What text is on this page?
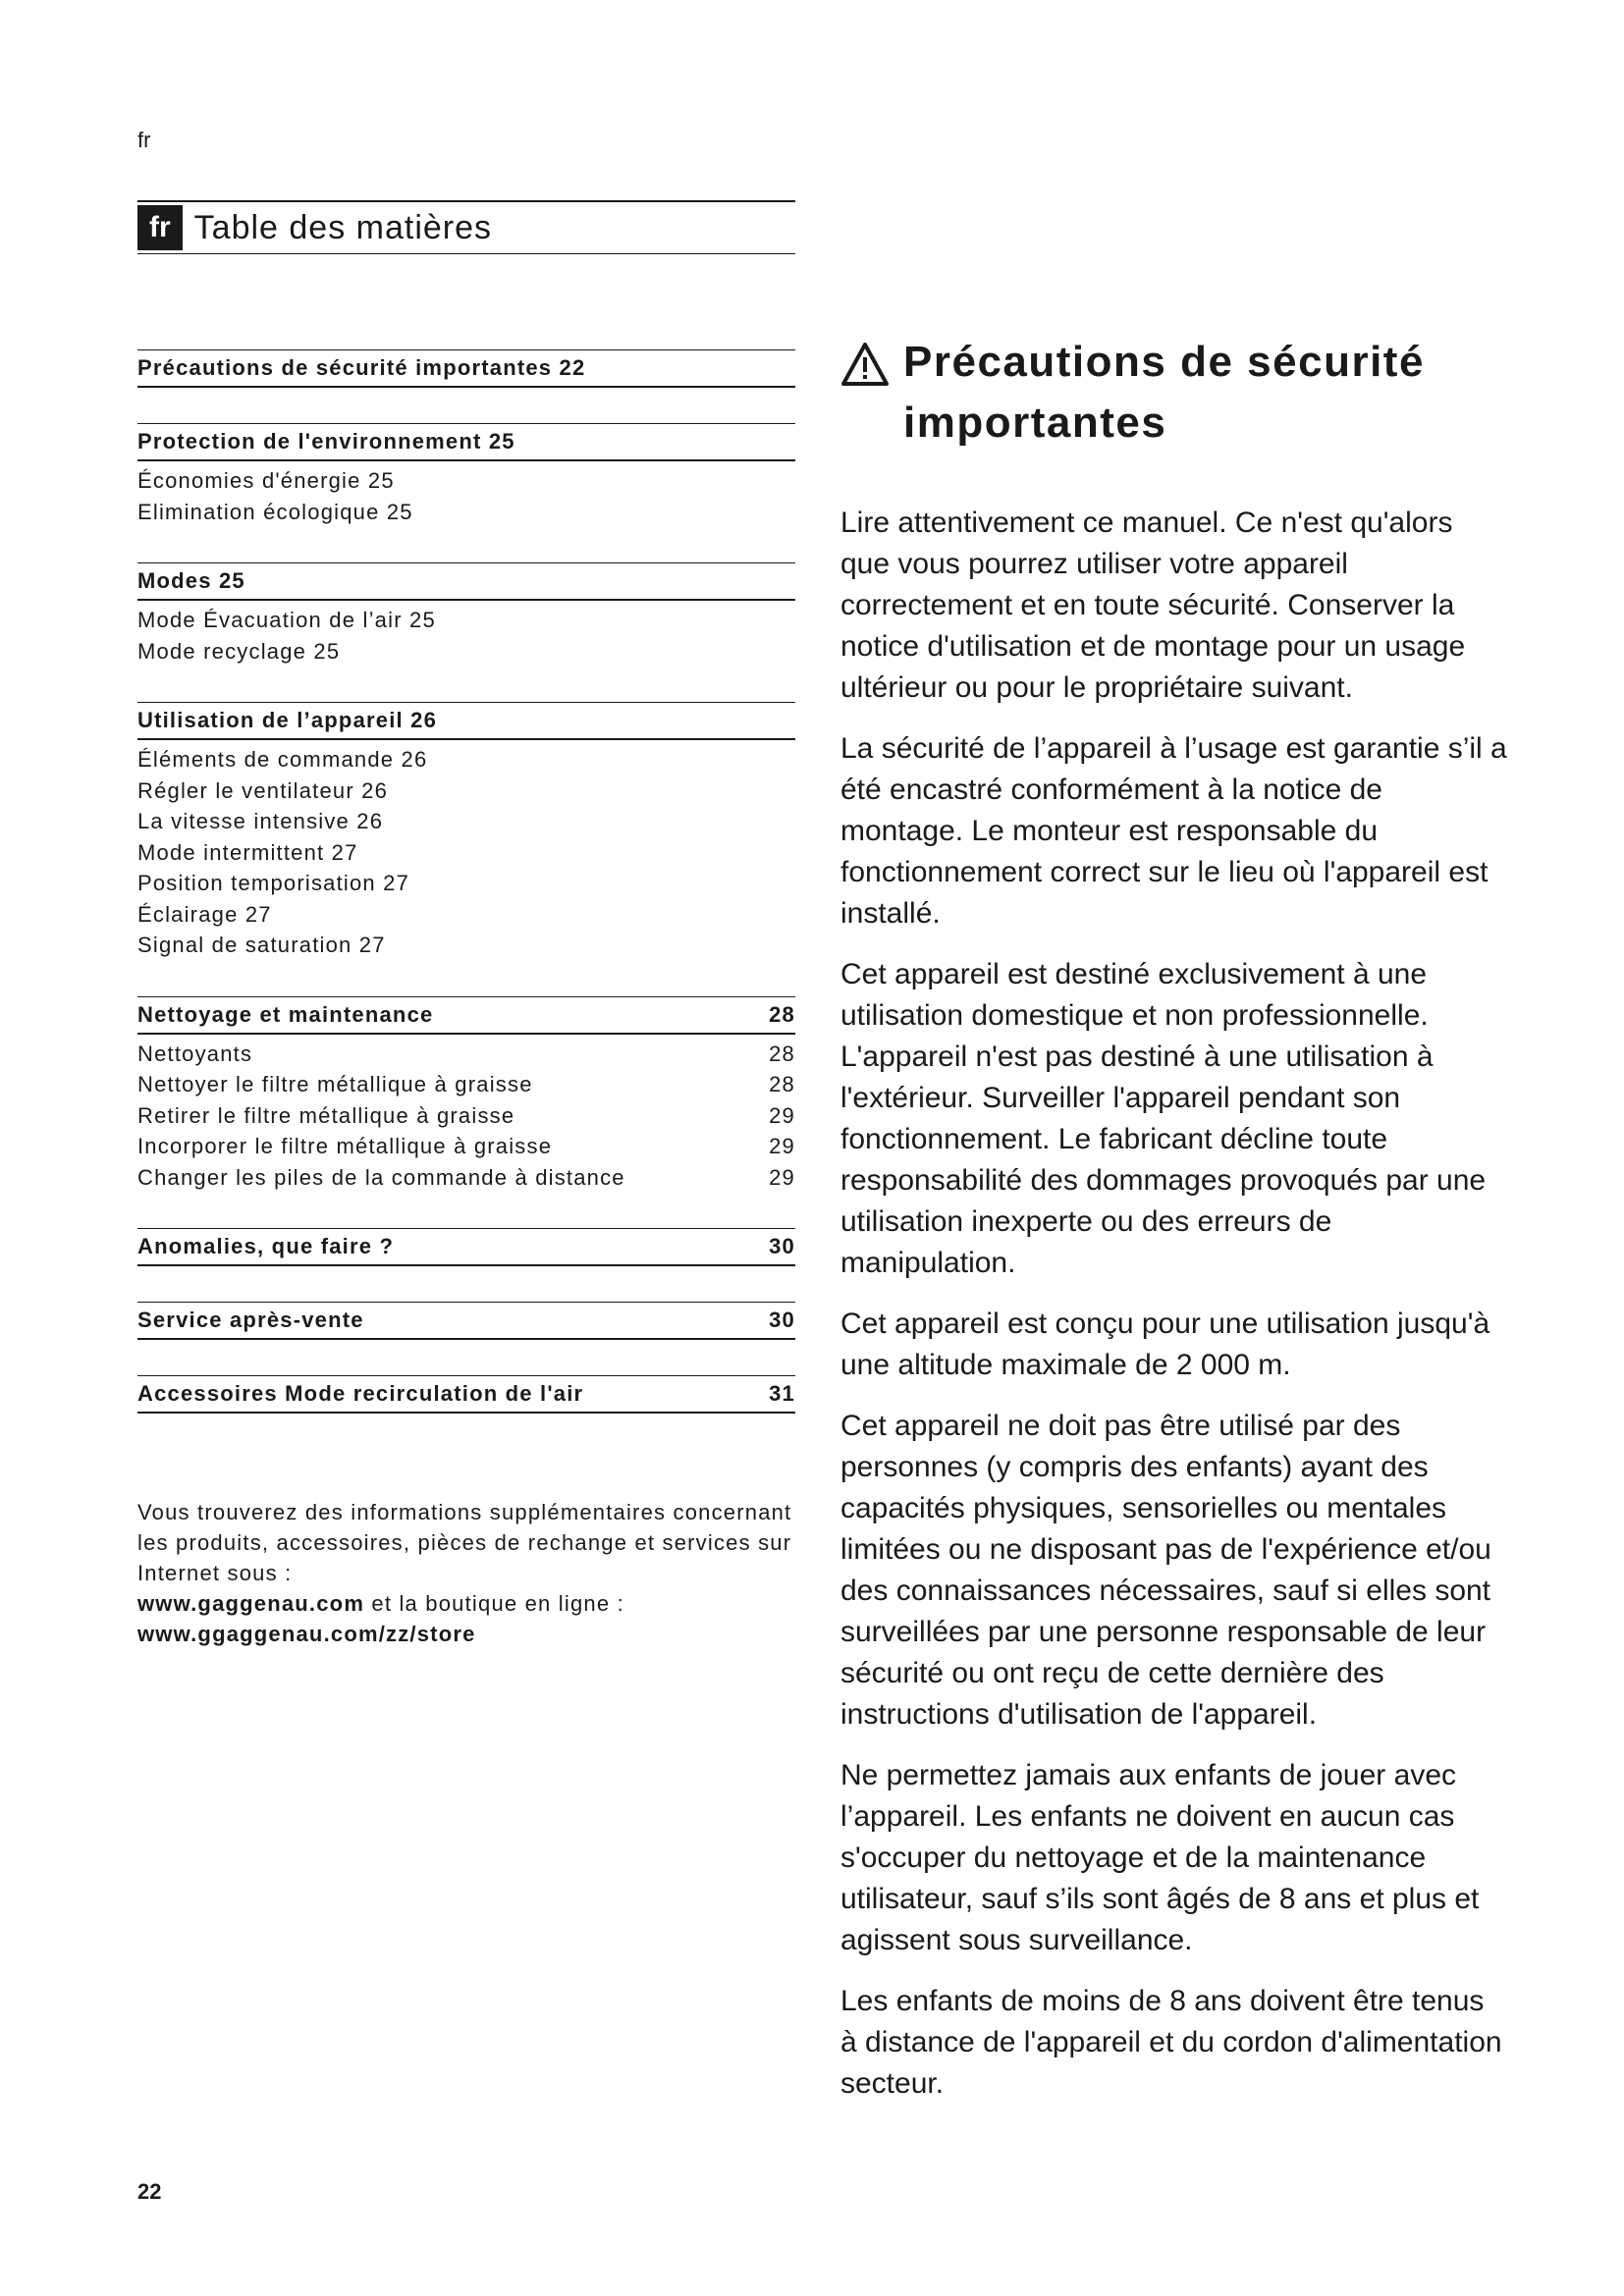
fr
fr Table des matières
Précautions de sécurité importantes 22
Protection de l'environnement 25
Économies d'énergie 25
Elimination écologique 25
Modes 25
Mode Évacuation de l’air 25
Mode recyclage 25
Utilisation de l’appareil 26
Éléments de commande 26
Régler le ventilateur 26
La vitesse intensive 26
Mode intermittent 27
Position temporisation 27
Éclairage 27
Signal de saturation 27
Nettoyage et maintenance	28
Nettoyants	28
Nettoyer le filtre métallique à graisse	28
Retirer le filtre métallique à graisse	29
Incorporer le filtre métallique à graisse	29
Changer les piles de la commande à distance	29
Anomalies, que faire ?	30
Service après-vente	30
Accessoires Mode recirculation de l'air	31
Vous trouverez des informations supplémentaires concernant les produits, accessoires, pièces de rechange et services sur Internet sous :
www.gaggenau.com et la boutique en ligne :
www.ggaggenau.com/zz/store
22
Précautions de sécurité importantes

Lire attentivement ce manuel. Ce n'est qu'alors que vous pourrez utiliser votre appareil correctement et en toute sécurité. Conserver la notice d'utilisation et de montage pour un usage ultérieur ou pour le propriétaire suivant.

La sécurité de l’appareil à l’usage est garantie s’il a été encastré conformément à la notice de montage. Le monteur est responsable du fonctionnement correct sur le lieu où l'appareil est installé.

Cet appareil est destiné exclusivement à une utilisation domestique et non professionnelle. L'appareil n'est pas destiné à une utilisation à l'extérieur. Surveiller l'appareil pendant son fonctionnement. Le fabricant décline toute responsabilité des dommages provoqués par une utilisation inexperte ou des erreurs de manipulation.

Cet appareil est conçu pour une utilisation jusqu'à une altitude maximale de 2 000 m.

Cet appareil ne doit pas être utilisé par des personnes (y compris des enfants) ayant des capacités physiques, sensorielles ou mentales limitées ou ne disposant pas de l'expérience et/ou des connaissances nécessaires, sauf si elles sont surveillées par une personne responsable de leur sécurité ou ont reçu de cette dernière des instructions d'utilisation de l'appareil.

Ne permettez jamais aux enfants de jouer avec l’appareil. Les enfants ne doivent en aucun cas s'occuper du nettoyage et de la maintenance utilisateur, sauf s’ils sont âgés de 8 ans et plus et agissent sous surveillance.

Les enfants de moins de 8 ans doivent être tenus à distance de l'appareil et du cordon d'alimentation secteur.
